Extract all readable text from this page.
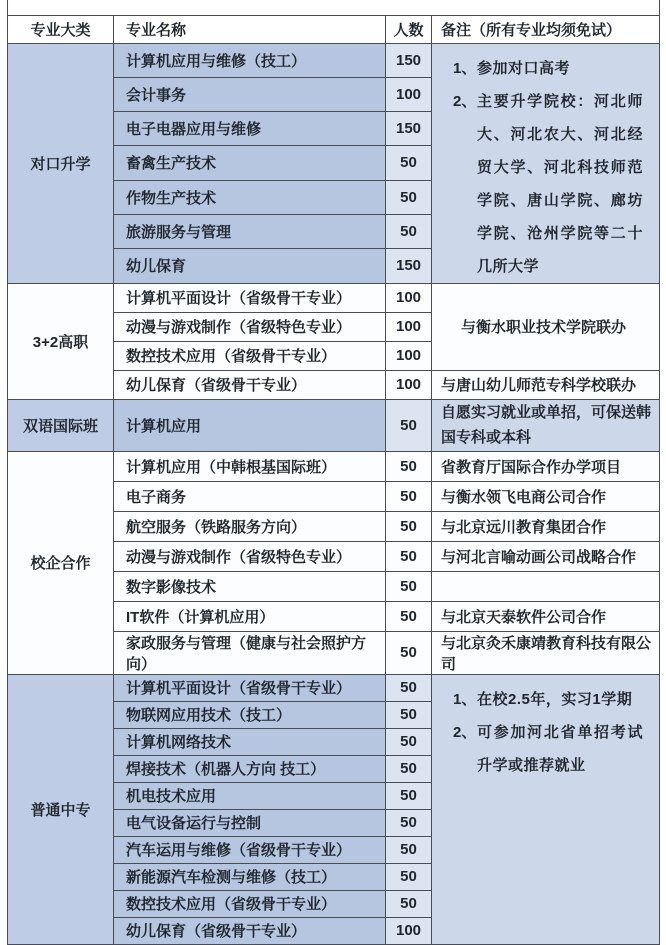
专业大类	专业名称	人数	备注（所有专业均须免试）
对口升学	计算机应用与维修（技工）	150	1、 参加对口高考
2、 主要升学院校：河北师大、河北农大、河北经贸大学、河北科技师范学院、唐山学院、廊坊学院、沧州学院等二十几所大学

	会计事务	100	
	电子电器应用与维修	150	
	畜禽生产技术	50	
	作物生产技术	50	
	旅游服务与管理	50	
	幼儿保育	150	
3+2高职	计算机平面设计（省级骨干专业）	100	与衡水职业技术学院联办
	动漫与游戏制作（省级特色专业）	100	
	数控技术应用（省级骨干专业）	100	
	幼儿保育（省级骨干专业）	100	与唐山幼儿师范专科学校联办
双语国际班	计算机应用	50	自愿实习就业或单招，可保送韩国专科或本科
校企合作	计算机应用（中韩根基国际班）	50	省教育厅国际合作办学项目
	电子商务	50	与衡水领飞电商公司合作
	航空服务（铁路服务方向）	50	与北京远川教育集团合作
	动漫与游戏制作（省级特色专业）	50	与河北言喻动画公司战略合作
	数字影像技术	50	
	IT软件（计算机应用）	50	与北京天泰软件公司合作
	家政服务与管理（健康与社会照护方向）	50	与北京灸禾康靖教育科技有限公司
普通中专	计算机平面设计（省级骨干专业）	50	1、 在校2.5年，实习1学期
2、 可参加河北省单招考试升学或推荐就业

	物联网应用技术（技工）	50	
	计算机网络技术	50	
	焊接技术（机器人方向 技工）	50	
	机电技术应用	50	
	电气设备运行与控制	50	
	汽车运用与维修（省级骨干专业）	50	
	新能源汽车检测与维修（技工）	50	
	数控技术应用（省级骨干专业）	50	
	幼儿保育（省级骨干专业）	100	
